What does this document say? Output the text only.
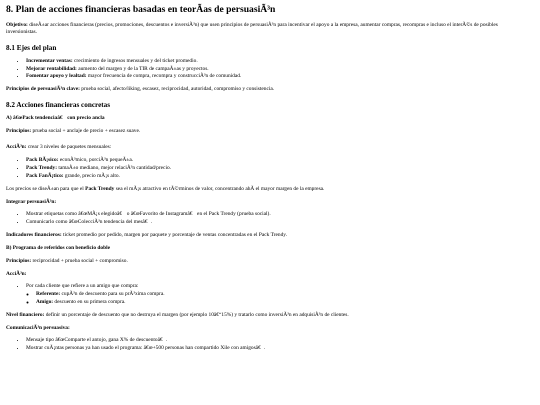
8. Plan de acciones financieras basadas en teorÃas de persuasiÃ³n

Objetivo: diseÃ±ar acciones financieras (precios, promociones, descuentos e inversiÃ³n) que usen principios de persuasiÃ³n para incentivar el apoyo a la empresa, aumentar compras, recompras e incluso el interÃ©s de posibles inversionistas.

8.1 Ejes del plan
• Incrementar ventas: crecimiento de ingresos mensuales y del ticket promedio.
• Mejorar rentabilidad: aumento del margen y de la TIR de campaÃ±as y proyectos.
• Fomentar apoyo y lealtad: mayor frecuencia de compra, recompra y construcciÃ³n de comunidad.

Principios de persuasiÃ³n clave: prueba social, afecto/liking, escasez, reciprocidad, autoridad, compromiso y consistencia.

8.2 Acciones financieras concretas

A) â€œPack tendenciaâ€ con precio ancla

Principios: prueba social + anclaje de precio + escasez suave.

AcciÃ³n: crear 3 niveles de paquetes mensuales:

• Pack BÃ¡sico: econÃ³mico, porciÃ³n pequeÃ±a.
• Pack Trendy: tamaÃ±o mediano, mejor relaciÃ³n cantidad/precio.
• Pack FanÃ¡tico: grande, precio mÃ¡s alto.

Los precios se diseÃ±an para que el Pack Trendy sea el mÃ¡s atractivo en tÃ©rminos de valor, concentrando ahÃ el mayor margen de la empresa.

Integrar persuasiÃ³n:

• Mostrar etiquetas como â€œMÃ¡s elegidoâ€ o â€œFavorito de Instagramâ€ en el Pack Trendy (prueba social).
• Comunicarlo como â€œColecciÃ³n tendencia del mesâ€.

Indicadores financieros: ticket promedio por pedido, margen por paquete y porcentaje de ventas concentradas en el Pack Trendy.

B) Programa de referidos con beneficio doble

Principios: reciprocidad + prueba social + compromiso.

AcciÃ³n:

• Por cada cliente que refiere a un amigo que compra:
◦ Referente: cupÃ³n de descuento para su prÃ³xima compra.
◦ Amigo: descuento en su primera compra.

Nivel financiero: definir un porcentaje de descuento que no destruya el margen (por ejemplo 10â€“15%) y tratarlo como inversiÃ³n en adquisiÃ³n de clientes.

ComunicaciÃ³n persuasiva:

• Mensaje tipo â€œComparte el antojo, gana X% de descuentoâ€.
• Mostrar cuÃ¡ntas personas ya han usado el programa: â€œ+500 personas han compartido Xile con amigosâ€.
